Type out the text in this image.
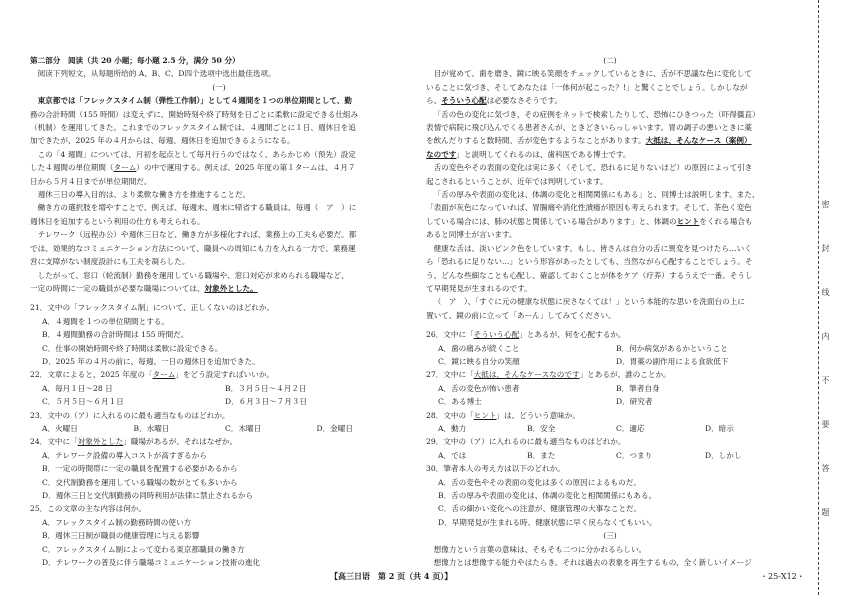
第二部分　阅读（共 20 小题；每小题 2.5 分，满分 50 分）

阅读下列短文，从每题所给的 A、B、C、D四个选项中选出最佳选项。

(一)

東京都では「フレックスタイム制（弾性工作制）」として４週間を１つの単位期間として、勤

務の合計時間（155 時間）は変えずに、開始時刻や終了時刻を日ごとに柔軟に設定できる仕組み

（机制）を運用してきた。これまでのフレックスタイム制では、４週間ごとに１日、週休日を追

加できたが、2025 年の４月からは、毎週、週休日を追加できるようになる。

この「4 週間」については、月初を起点として毎月行うのではなく、あらかじめ（预先）設定

した４週間の単位期間（ターム）の中で運用する。例えば、2025 年度の第１タームは、４月７

日から５月４日までが単位期間だ。

週休三日の導入目的は、より柔軟な働き方を推進することだ。

働き方の選択肢を増やすことで、例えば、毎週末、週末に帰省する職員は、毎週（　ア　）に

週休日を追加するという利用の仕方も考えられる。

テレワーク（远程办公）や週休三日など、働き方が多様化すれば、業務上の工夫も必要だ。都

では、効果的なコミュニケーション方法について、職員への周知にも力を入れる一方で、業務運

営に支障がない制度設計にも工夫を凝らした。

したがって、窓口（轮流制）勤務を運用している職場や、窓口対応が求められる職場など、

一定の時間に一定の職員が必要な職場については、対象外とした。

21．文中の「フレックスタイム制」について、正しくないのはどれか。

A．４週間を１つの単位期間とする。

B．４週間勤務の合計時間は 155 時間だ。

C．仕事の開始時間や終了時間は柔軟に設定できる。

D．2025 年の４月の前に、毎週、一日の週休日を追加できた。

22．文章によると、2025 年度の「ターム」をどう設定すればいいか。

A．毎月１日～28 日	B．３月５日～４月２日

C．５月５日～６月１日	D．６月３日～７月３日

23．文中の（ア）に入れるのに最も適当なものはどれか。

A．火曜日	B．水曜日	C．木曜日	D．金曜日

24．文中に「対象外とした」職場があるが、それはなぜか。

A．テレワーク設備の導入コストが高すぎるから

B．一定の時間帯に一定の職員を配置する必要があるから

C．交代制勤務を運用している職場の数がとても多いから

D．週休三日と交代制勤務の同時利用が法律に禁止されるから

25．この文章の主な内容は何か。

A．フレックスタイム制の勤務時間の使い方

B．週休三日制が職員の健康管理に与える影響

C．フレックスタイム制によって変わる東京都職員の働き方

D．テレワークの普及に伴う職場コミュニケーション技術の進化

(二)

目が覚めて、歯を磨き、鏡に映る笑顔をチェックしているときに、舌が不思議な色に変化して

いることに気づき、そしてあなたは「一体何が起こった？!」と驚くことでしょう。しかしなが

ら、そういう心配は必要なさそうです。

「舌の色の変化に気づき、その症例をネットで検索したりして、恐怖にひきつった（吓得僵直）

表情で病院に飛び込んでくる患者さんが、ときどきいらっしゃいます。胃の調子の悪いときに薬

を飲んだりすると数時間、舌が変色するようなことがあります。大抵は、そんなケース（案例）

なのです」と説明してくれるのは、歯科医である博士です。

舌の変色やその表面の変化は実に多く（そして、恐れるに足りないほど）の原因によって引き

起こされるということが、近年では判明しています。

「舌の厚みや表面の変化は、体調の変化と相関関係にもある」と、同博士は説明します。また、

「表面が灰色になっていれば、胃腸痛や消化性潰瘍が原因も考えられます。そして、茶色く変色

している場合には、肺の状態と関係している場合があります」と、体調のヒントをくれる場合も

あると同博士が言います。

健康な舌は、淡いピンク色をしています。もし、皆さんは自分の舌に異変を見つけたら…いく

ら「恐れるに足りない…」という形容があったとしても、当然ながら心配することでしょう。そ

う、どんな些細なことも心配し、確認しておくことが体をケア（疗养）するうえで一番。そうし

て早期発見が生まれるのです。

（　ア　）、「すぐに元の健康な状態に戻さなくては！」という本能的な思いを洗面台の上に

置いて、鏡の前に立って「あーん」してみてください。

26．文中に「そういう心配」とあるが、何を心配するか。

A．歯の痛みが続くこと	B．何か病気があるかということ

C．鏡に映る自分の笑顔	D．胃薬の副作用による食欲低下

27．文中に「大抵は、そんなケースなのです」とあるが、誰のことか。

A．舌の変色が怖い患者	B．筆者自身

C．ある博士	D．研究者

28．文中の「ヒント」は、どういう意味か。

A．動力	B．安全	C．適応	D．暗示

29．文中の（ア）に入れるのに最も適当なものはどれか。

A．では	B．また	C．つまり	D．しかし

30．筆者本人の考え方は以下のどれか。

A．舌の変色やその表面の変化は多くの原因によるものだ。

B．舌の厚みや表面の変化は、体調の変化と相関関係にもある。

C．舌の細かい変化への注意が、健康管理の大事なことだ。

D．早期発見が生まれる時、健康状態に早く戻らなくてもいい。

(三)

想像力という言葉の意味は、そもそも二つに分かれるらしい。

想像力とは想像する能力やはたらき。それは過去の表象を再生するもの、全く新しいイメージ

【高三日语　第 2 页（共 4 页）】	・25-X12・
密　封　线　内　不　要　答　题
